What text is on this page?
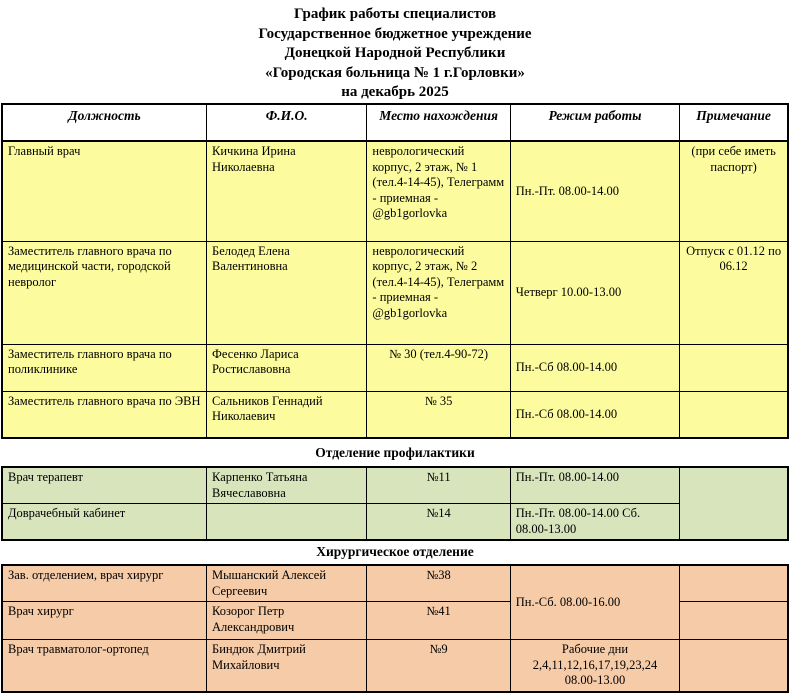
График работы специалистов
Государственное бюджетное учреждение
Донецкой Народной Республики
«Городская больница № 1 г.Горловки»
на декабрь 2025
Должность	Ф.И.О.	Место нахождения	Режим работы	Примечание
Главный врач	Кичкина Ирина Николаевна	неврологический корпус, 2 этаж, № 1 (тел.4-14-45), Телеграмм - приемная - @gb1gorlovka	Пн.-Пт. 08.00-14.00	(при себе иметь паспорт)
Заместитель главного врача по медицинской части, городской невролог	Белодед Елена Валентиновна	неврологический корпус, 2 этаж, № 2 (тел.4-14-45), Телеграмм - приемная - @gb1gorlovka	Четверг 10.00-13.00	Отпуск с 01.12 по 06.12
Заместитель главного врача по поликлинике	Фесенко Лариса Ростиславовна	№ 30 (тел.4-90-72)	Пн.-Сб 08.00-14.00	
Заместитель главного врача по ЭВН	Сальников Геннадий Николаевич	№ 35	Пн.-Сб 08.00-14.00	
Отделение профилактики
Врач терапевт	Карпенко Татьяна Вячеславовна	№11	Пн.-Пт. 08.00-14.00	
Доврачебный кабинет		№14	Пн.-Пт. 08.00-14.00 Сб. 08.00-13.00	
Хирургическое отделение
Зав. отделением, врач хирург	Мышанский Алексей Сергеевич	№38	Пн.-Сб. 08.00-16.00	
Врач хирург	Козорог Петр Александрович	№41		
Врач травматолог-ортопед	Биндюк Дмитрий Михайлович	№9	Рабочие дни 2,4,11,12,16,17,19,23,24 08.00-13.00	
